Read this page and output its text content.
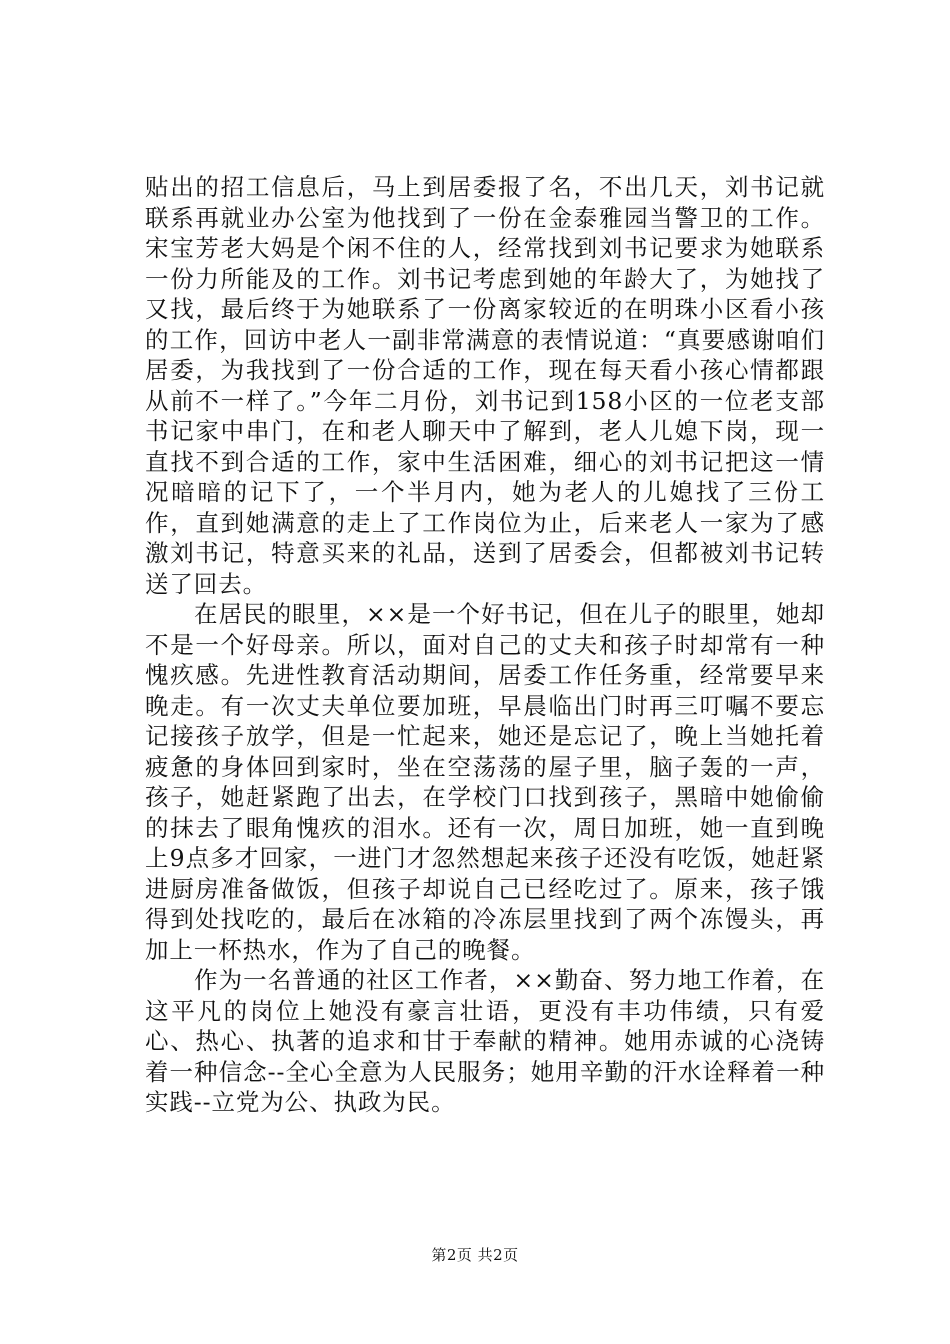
贴出的招工信息后，马上到居委报了名，不出几天，刘书记就联系再就业办公室为他找到了一份在金泰雅园当警卫的工作。宋宝芳老大妈是个闲不住的人，经常找到刘书记要求为她联系一份力所能及的工作。刘书记考虑到她的年龄大了，为她找了又找，最后终于为她联系了一份离家较近的在明珠小区看小孩的工作，回访中老人一副非常满意的表情说道：“真要感谢咱们居委，为我找到了一份合适的工作，现在每天看小孩心情都跟从前不一样了。”今年二月份，刘书记到158小区的一位老支部书记家中串门，在和老人聊天中了解到，老人儿媳下岗，现一直找不到合适的工作，家中生活困难，细心的刘书记把这一情况暗暗的记下了，一个半月内，她为老人的儿媳找了三份工作，直到她满意的走上了工作岗位为止，后来老人一家为了感激刘书记，特意买来的礼品，送到了居委会，但都被刘书记转送了回去。

在居民的眼里，××是一个好书记，但在儿子的眼里，她却不是一个好母亲。所以，面对自己的丈夫和孩子时却常有一种愧疚感。先进性教育活动期间，居委工作任务重，经常要早来晚走。有一次丈夫单位要加班，早晨临出门时再三叮嘱不要忘记接孩子放学，但是一忙起来，她还是忘记了，晚上当她托着疲惫的身体回到家时，坐在空荡荡的屋子里，脑子轰的一声，孩子，她赶紧跑了出去，在学校门口找到孩子，黑暗中她偷偷的抹去了眼角愧疚的泪水。还有一次，周日加班，她一直到晚上9点多才回家，一进门才忽然想起来孩子还没有吃饭，她赶紧进厨房准备做饭，但孩子却说自己已经吃过了。原来，孩子饿得到处找吃的，最后在冰箱的冷冻层里找到了两个冻馒头，再加上一杯热水，作为了自己的晚餐。

作为一名普通的社区工作者，××勤奋、努力地工作着，在这平凡的岗位上她没有豪言壮语，更没有丰功伟绩，只有爱心、热心、执著的追求和甘于奉献的精神。她用赤诚的心浇铸着一种信念--全心全意为人民服务；她用辛勤的汗水诠释着一种实践--立党为公、执政为民。

第2页 共2页
